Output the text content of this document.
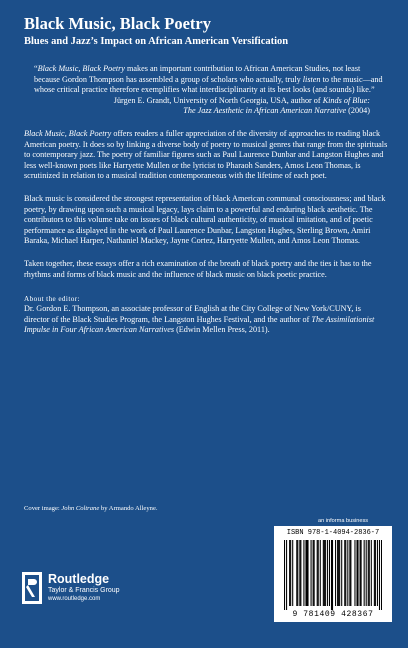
Black Music, Black Poetry
Blues and Jazz’s Impact on African American Versification
“Black Music, Black Poetry makes an important contribution to African American Studies, not least because Gordon Thompson has assembled a group of scholars who actually, truly listen to the music—and whose critical practice therefore exemplifies what interdisciplinarity at its best looks (and sounds) like.”
Jürgen E. Grandt, University of North Georgia, USA, author of Kinds of Blue:
The Jazz Aesthetic in African American Narrative (2004)

Black Music, Black Poetry offers readers a fuller appreciation of the diversity of approaches to reading black American poetry. It does so by linking a diverse body of poetry to musical genres that range from the spirituals to contemporary jazz. The poetry of familiar figures such as Paul Laurence Dunbar and Langston Hughes and less well-known poets like Harryette Mullen or the lyricist to Pharaoh Sanders, Amos Leon Thomas, is scrutinized in relation to a musical tradition contemporaneous with the lifetime of each poet.

Black music is considered the strongest representation of black American communal consciousness; and black poetry, by drawing upon such a musical legacy, lays claim to a powerful and enduring black aesthetic. The contributors to this volume take on issues of black cultural authenticity, of musical imitation, and of poetic performance as displayed in the work of Paul Laurence Dunbar, Langston Hughes, Sterling Brown, Amiri Baraka, Michael Harper, Nathaniel Mackey, Jayne Cortez, Harryette Mullen, and Amos Leon Thomas.

Taken together, these essays offer a rich examination of the breath of black poetry and the ties it has to the rhythms and forms of black music and the influence of black music on black poetic practice.

About the editor:
Dr. Gordon E. Thompson, an associate professor of English at the City College of New York/CUNY, is director of the Black Studies Program, the Langston Hughes Festival, and the author of The Assimilationist Impulse in Four African American Narratives (Edwin Mellen Press, 2011).
Cover image: John Coltrane by Armando Alleyne.
an informa business
ISBN 978-1-4094-2836-7
9 781409 428367
Routledge
Taylor & Francis Group
www.routledge.com
